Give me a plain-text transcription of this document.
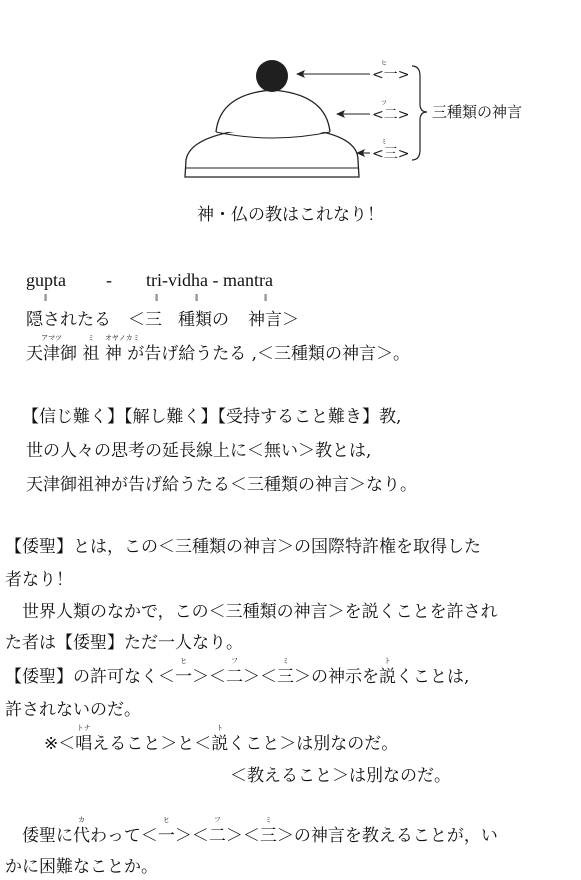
ヒ
<一>
フ
<二>
ミ
<三>
三種類の神言
神・仏の教はこれなり！
gupta - tri-vidha - mantra
‖	‖	‖	‖
隠されたる ＜三 種類の 神言＞
アマツ
天津御
ミ
祖
オヤノカミ
神 が告げ給うたる ,＜三種類の神言＞。
【信じ難く】【解し難く】【受持すること難き】教,
世の人々の思考の延長線上に＜無い＞教とは,
天津御祖神が告げ給うたる＜三種類の神言＞なり。
【倭聖】とは，この＜三種類の神言＞の国際特許権を取得した
者なり！
　世界人類のなかで，この＜三種類の神言＞を説くことを許され
た者は【倭聖】ただ一人なり。
【倭聖】の許可なく＜
ヒ
一＞＜
フ
二＞＜
ミ
三＞の神示を
ト
説くことは,
許されないのだ。
※＜
トナ
唱えること＞と＜
ト
説くこと＞は別なのだ。
＜教えること＞は別なのだ。
　倭聖に
カ
代わって＜
ヒ
一＞＜
フ
二＞＜
ミ
三＞の神言を教えることが，い
かに困難なことか。
